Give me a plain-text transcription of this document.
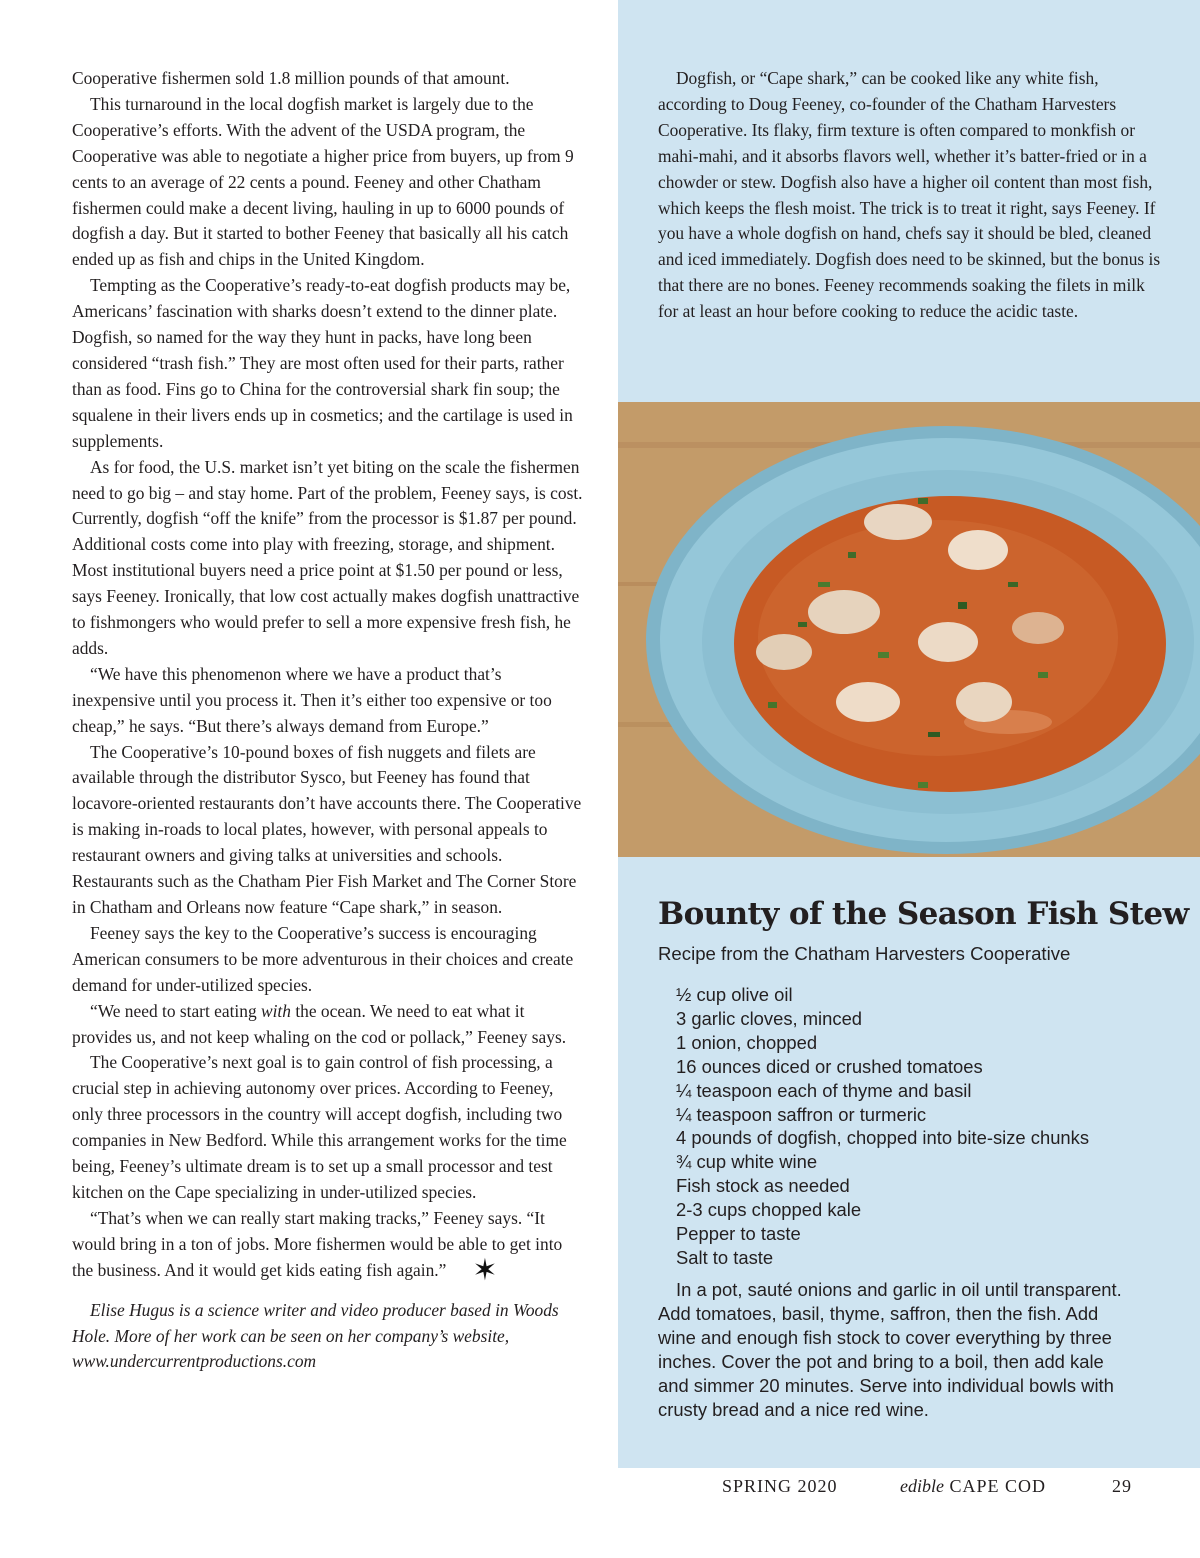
Cooperative fishermen sold 1.8 million pounds of that amount.

This turnaround in the local dogfish market is largely due to the Cooperative’s efforts. With the advent of the USDA program, the Cooperative was able to negotiate a higher price from buyers, up from 9 cents to an average of 22 cents a pound. Feeney and other Chatham fishermen could make a decent living, hauling in up to 6000 pounds of dogfish a day. But it started to bother Feeney that basically all his catch ended up as fish and chips in the United Kingdom.

Tempting as the Cooperative’s ready-to-eat dogfish products may be, Americans’ fascination with sharks doesn’t extend to the dinner plate. Dogfish, so named for the way they hunt in packs, have long been considered “trash fish.” They are most often used for their parts, rather than as food. Fins go to China for the controversial shark fin soup; the squalene in their livers ends up in cosmetics; and the cartilage is used in supplements.

As for food, the U.S. market isn’t yet biting on the scale the fishermen need to go big – and stay home. Part of the problem, Feeney says, is cost. Currently, dogfish “off the knife” from the processor is $1.87 per pound. Additional costs come into play with freezing, storage, and shipment. Most institutional buyers need a price point at $1.50 per pound or less, says Feeney. Ironically, that low cost actually makes dogfish unattractive to fishmongers who would prefer to sell a more expensive fresh fish, he adds.

“We have this phenomenon where we have a product that’s inexpensive until you process it. Then it’s either too expensive or too cheap,” he says. “But there’s always demand from Europe.”

The Cooperative’s 10-pound boxes of fish nuggets and filets are available through the distributor Sysco, but Feeney has found that locavore-oriented restaurants don’t have accounts there. The Cooperative is making in-roads to local plates, however, with personal appeals to restaurant owners and giving talks at universities and schools. Restaurants such as the Chatham Pier Fish Market and The Corner Store in Chatham and Orleans now feature “Cape shark,” in season.

Feeney says the key to the Cooperative’s success is encouraging American consumers to be more adventurous in their choices and create demand for under-utilized species.

“We need to start eating with the ocean. We need to eat what it provides us, and not keep whaling on the cod or pollack,” Feeney says.

The Cooperative’s next goal is to gain control of fish processing, a crucial step in achieving autonomy over prices. According to Feeney, only three processors in the country will accept dogfish, including two companies in New Bedford. While this arrangement works for the time being, Feeney’s ultimate dream is to set up a small processor and test kitchen on the Cape specializing in under-utilized species.

“That’s when we can really start making tracks,” Feeney says. “It would bring in a ton of jobs. More fishermen would be able to get into the business. And it would get kids eating fish again.” ✶

Elise Hugus is a science writer and video producer based in Woods Hole. More of her work can be seen on her company’s website, www.undercurrentproductions.com

Dogfish, or “Cape shark,” can be cooked like any white fish, according to Doug Feeney, co-founder of the Chatham Harvesters Cooperative. Its flaky, firm texture is often compared to monkfish or mahi-mahi, and it absorbs flavors well, whether it’s batter-fried or in a chowder or stew. Dogfish also have a higher oil content than most fish, which keeps the flesh moist. The trick is to treat it right, says Feeney. If you have a whole dogfish on hand, chefs say it should be bled, cleaned and iced immediately. Dogfish does need to be skinned, but the bonus is that there are no bones. Feeney recommends soaking the filets in milk for at least an hour before cooking to reduce the acidic taste.

Bounty of the Season Fish Stew

Recipe from the Chatham Harvesters Cooperative

½ cup olive oil
3 garlic cloves, minced
1 onion, chopped
16 ounces diced or crushed tomatoes
¼ teaspoon each of thyme and basil
¼ teaspoon saffron or turmeric
4 pounds of dogfish, chopped into bite-size chunks
¾ cup white wine
Fish stock as needed
2-3 cups chopped kale
Pepper to taste
Salt to taste

In a pot, sauté onions and garlic in oil until transparent. Add tomatoes, basil, thyme, saffron, then the fish. Add wine and enough fish stock to cover everything by three inches. Cover the pot and bring to a boil, then add kale and simmer 20 minutes. Serve into individual bowls with crusty bread and a nice red wine.

SPRING 2020	edible CAPE COD	29
